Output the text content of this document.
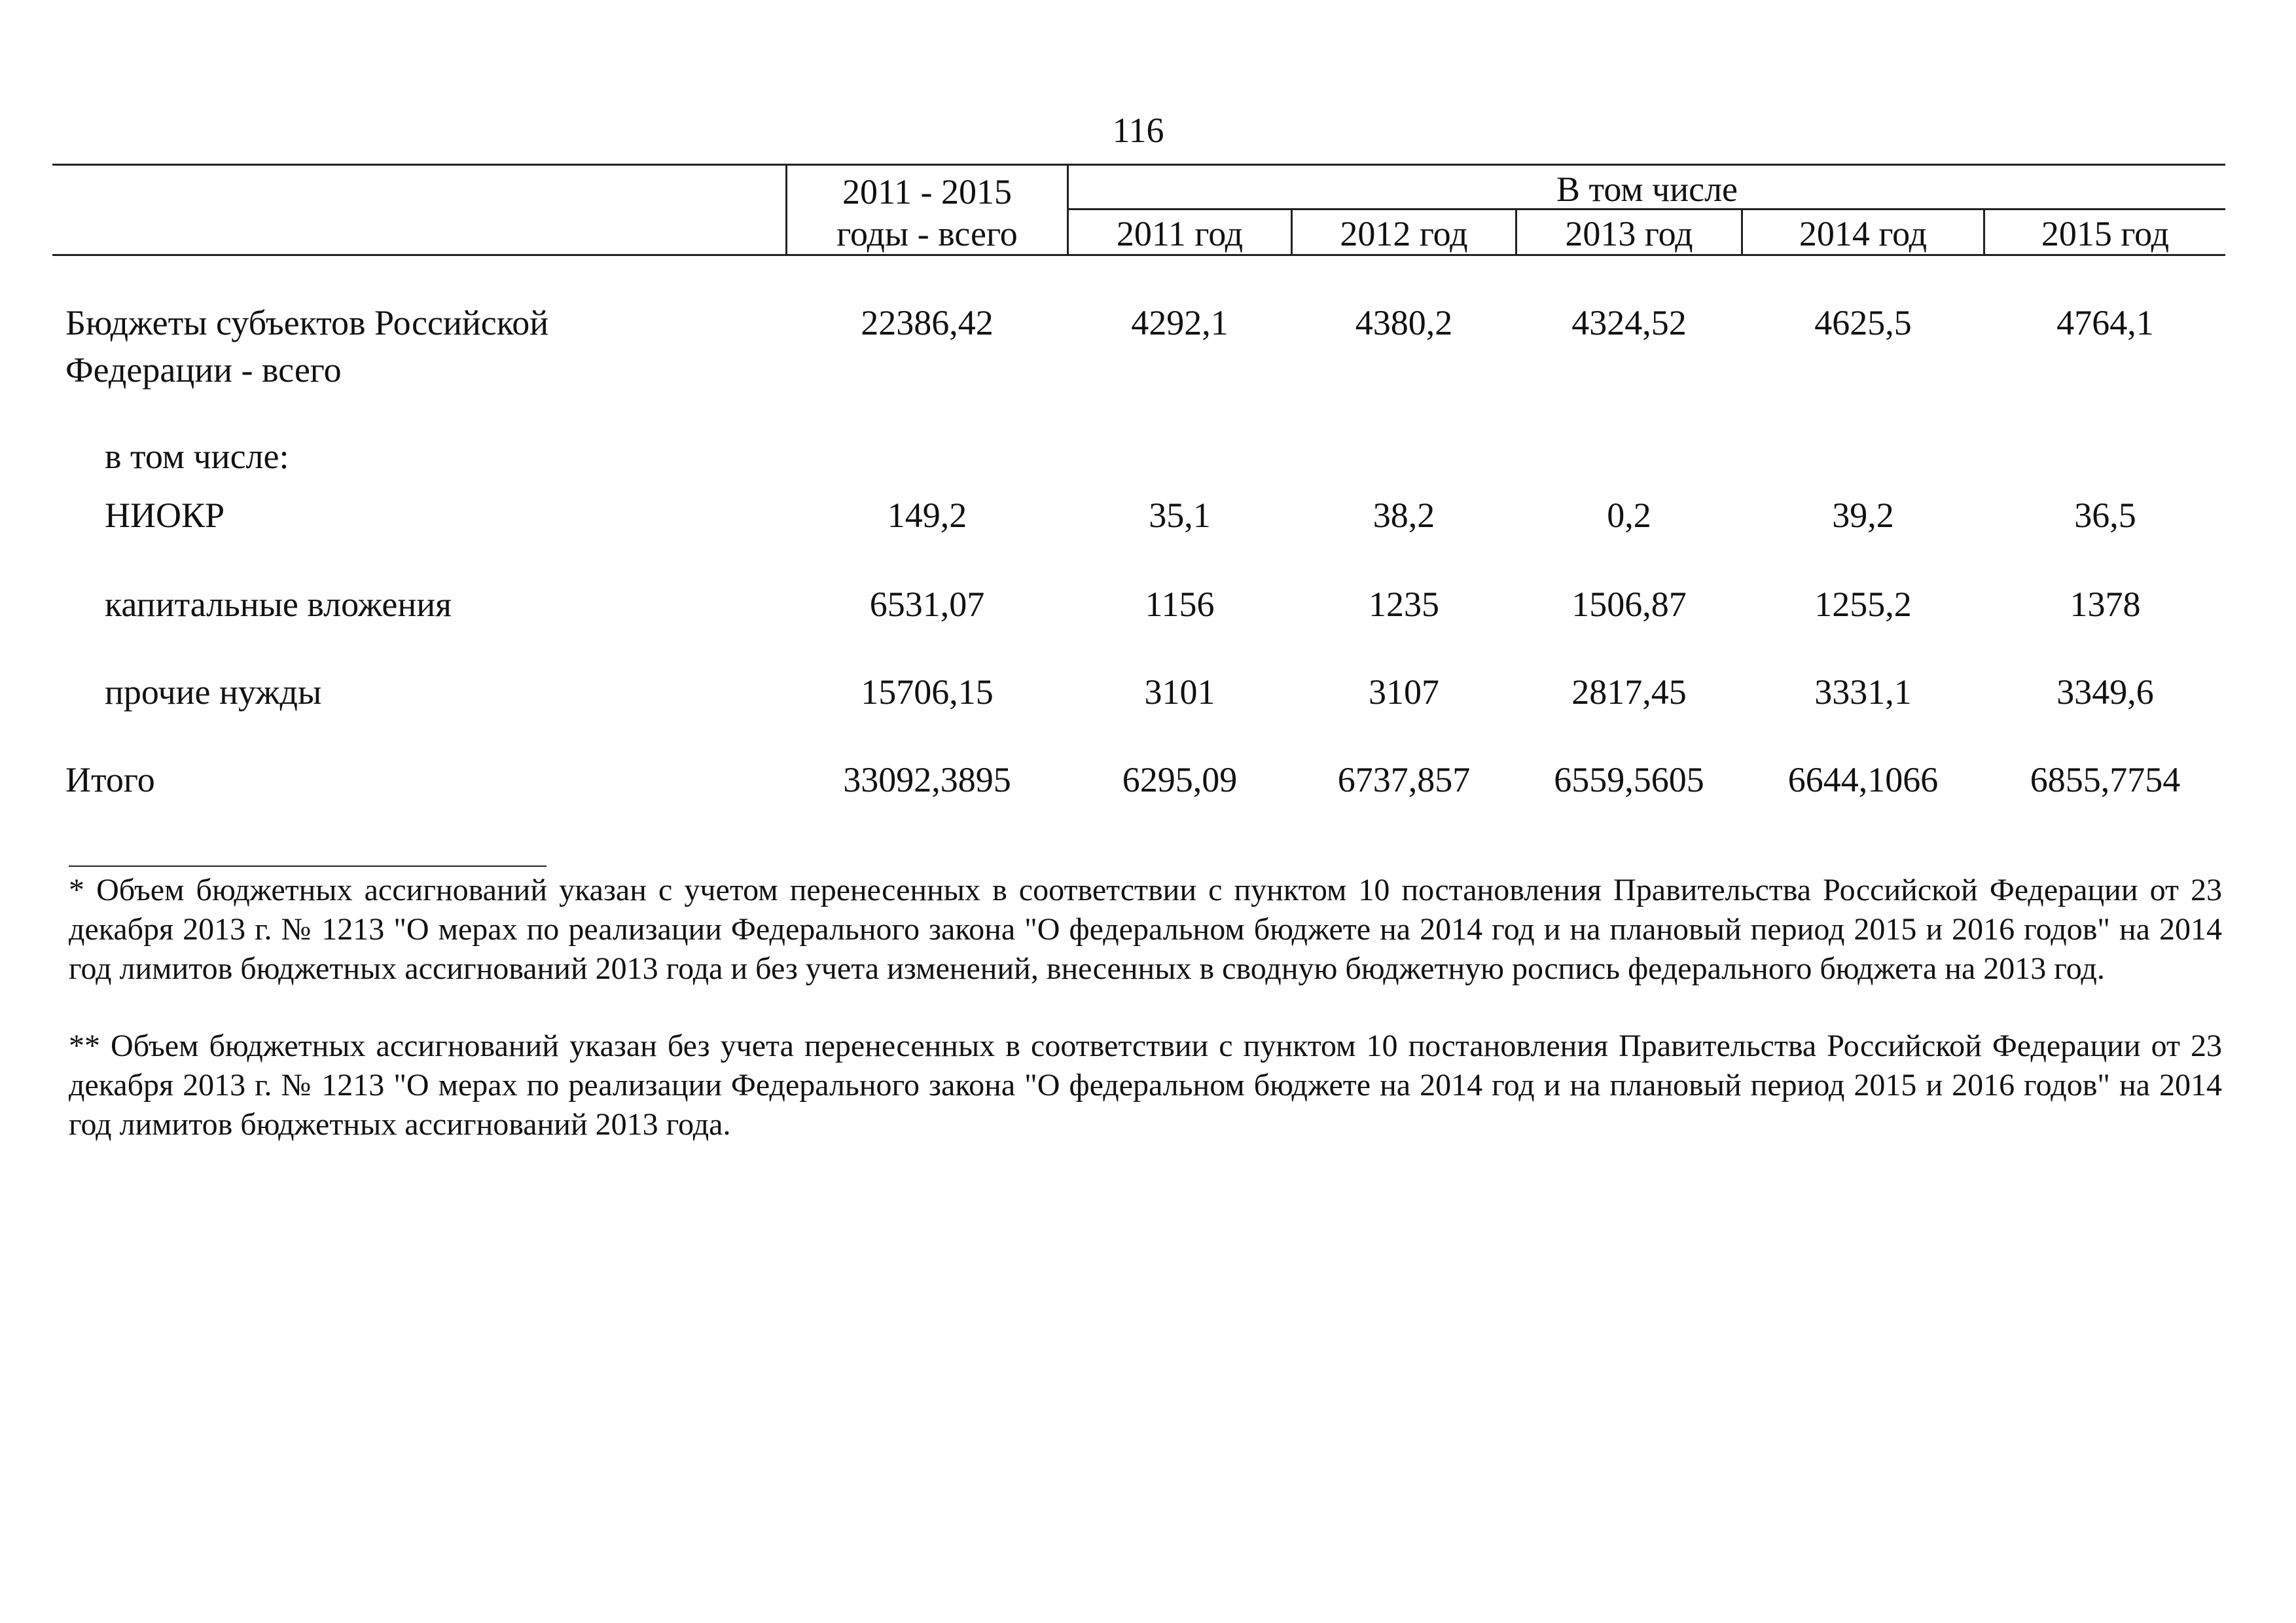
116
2011 - 2015
годы - всего
В том числе
2011 год	2012 год	2013 год	2014 год	2015 год
Бюджеты субъектов Российской Федерации - всего
22386,42	4292,1	4380,2	4324,52	4625,5	4764,1
в том числе:
НИОКР	149,2	35,1	38,2	0,2	39,2	36,5
капитальные вложения	6531,07	1156	1235	1506,87	1255,2	1378
прочие нужды	15706,15	3101	3107	2817,45	3331,1	3349,6
Итого	33092,3895	6295,09	6737,857	6559,5605	6644,1066	6855,7754
* Объем бюджетных ассигнований указан с учетом перенесенных в соответствии с пунктом 10 постановления Правительства Российской Федерации от 23 декабря 2013 г. № 1213 "О мерах по реализации Федерального закона "О федеральном бюджете на 2014 год и на плановый период 2015 и 2016 годов" на 2014 год лимитов бюджетных ассигнований 2013 года и без учета изменений, внесенных в сводную бюджетную роспись федерального бюджета на 2013 год.
** Объем бюджетных ассигнований указан без учета перенесенных в соответствии с пунктом 10 постановления Правительства Российской Федерации от 23 декабря 2013 г. № 1213 "О мерах по реализации Федерального закона "О федеральном бюджете на 2014 год и на плановый период 2015 и 2016 годов" на 2014 год лимитов бюджетных ассигнований 2013 года.
